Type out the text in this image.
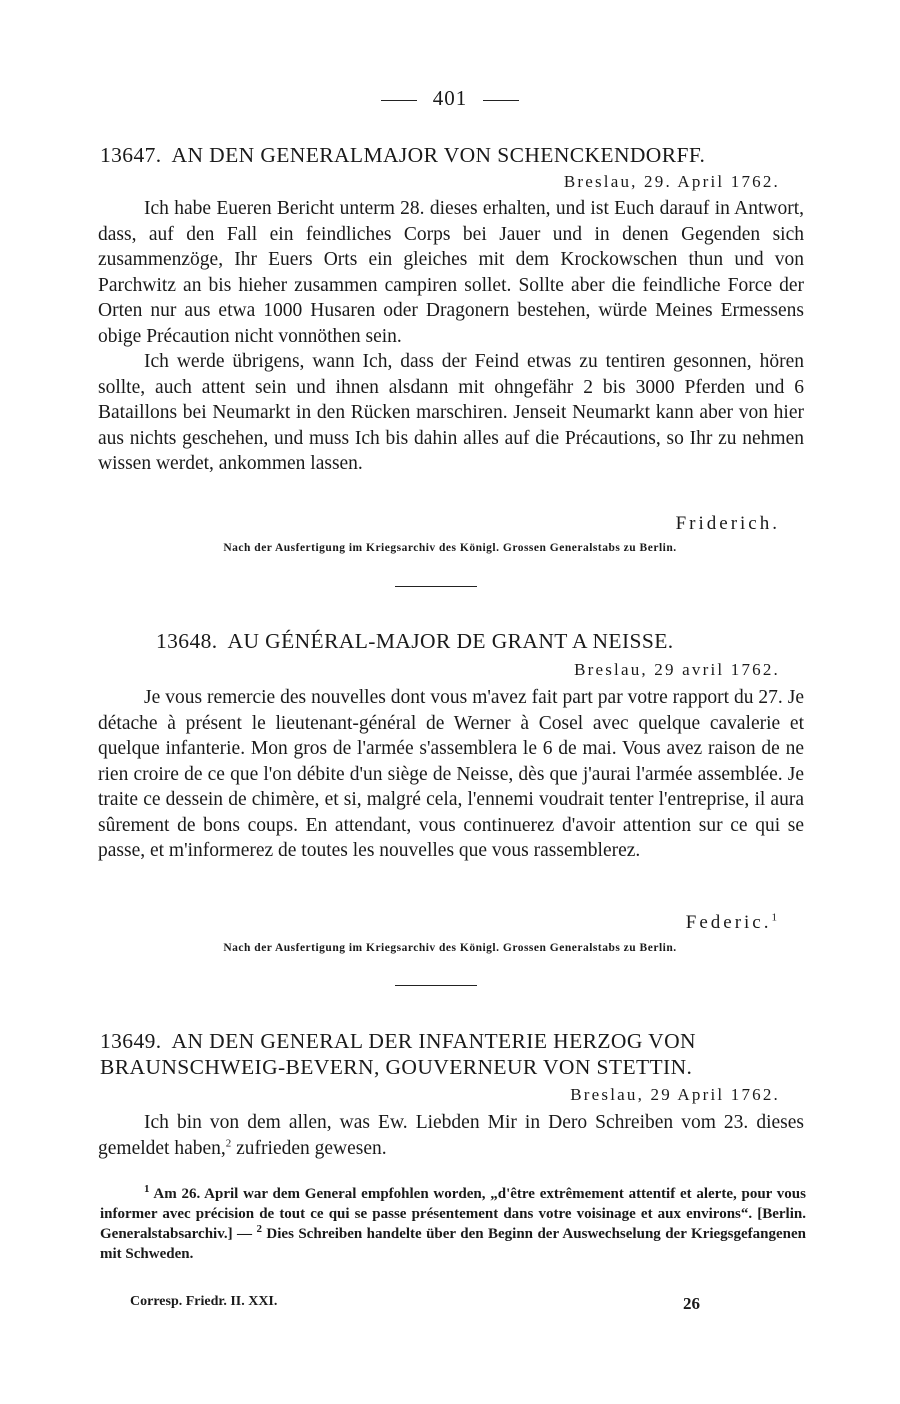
401
13647. AN DEN GENERALMAJOR VON SCHENCKENDORFF.
Breslau, 29. April 1762.

Ich habe Eueren Bericht unterm 28. dieses erhalten, und ist Euch darauf in Antwort, dass, auf den Fall ein feindliches Corps bei Jauer und in denen Gegenden sich zusammenzöge, Ihr Euers Orts ein gleiches mit dem Krockowschen thun und von Parchwitz an bis hieher zusammen campiren sollet. Sollte aber die feindliche Force der Orten nur aus etwa 1000 Husaren oder Dragonern bestehen, würde Meines Ermessens obige Précaution nicht vonnöthen sein.

Ich werde übrigens, wann Ich, dass der Feind etwas zu tentiren gesonnen, hören sollte, auch attent sein und ihnen alsdann mit ohngefähr 2 bis 3000 Pferden und 6 Bataillons bei Neumarkt in den Rücken marschiren. Jenseit Neumarkt kann aber von hier aus nichts geschehen, und muss Ich bis dahin alles auf die Précautions, so Ihr zu nehmen wissen werdet, ankommen lassen.

Friderich.
Nach der Ausfertigung im Kriegsarchiv des Königl. Grossen Generalstabs zu Berlin.
13648. AU GÉNÉRAL-MAJOR DE GRANT A NEISSE.
Breslau, 29 avril 1762.

Je vous remercie des nouvelles dont vous m'avez fait part par votre rapport du 27. Je détache à présent le lieutenant-général de Werner à Cosel avec quelque cavalerie et quelque infanterie. Mon gros de l'armée s'assemblera le 6 de mai. Vous avez raison de ne rien croire de ce que l'on débite d'un siège de Neisse, dès que j'aurai l'armée assemblée. Je traite ce dessein de chimère, et si, malgré cela, l'ennemi voudrait tenter l'entreprise, il aura sûrement de bons coups. En attendant, vous continuerez d'avoir attention sur ce qui se passe, et m'informerez de toutes les nouvelles que vous rassemblerez.

Federic.$^1$
Nach der Ausfertigung im Kriegsarchiv des Königl. Grossen Generalstabs zu Berlin.
13649. AN DEN GENERAL DER INFANTERIE HERZOG VON BRAUNSCHWEIG-BEVERN, GOUVERNEUR VON STETTIN.
Breslau, 29 April 1762.

Ich bin von dem allen, was Ew. Liebden Mir in Dero Schreiben vom 23. dieses gemeldet haben,$^2$ zufrieden gewesen.

$^1$ Am 26. April war dem General empfohlen worden, „d'être extrêmement attentif et alerte, pour vous informer avec précision de tout ce qui se passe présentement dans votre voisinage et aux environs“. [Berlin. Generalstabsarchiv.] — $^2$ Dies Schreiben handelte über den Beginn der Auswechselung der Kriegsgefangenen mit Schweden.

Corresp. Friedr. II. XXI.	26
